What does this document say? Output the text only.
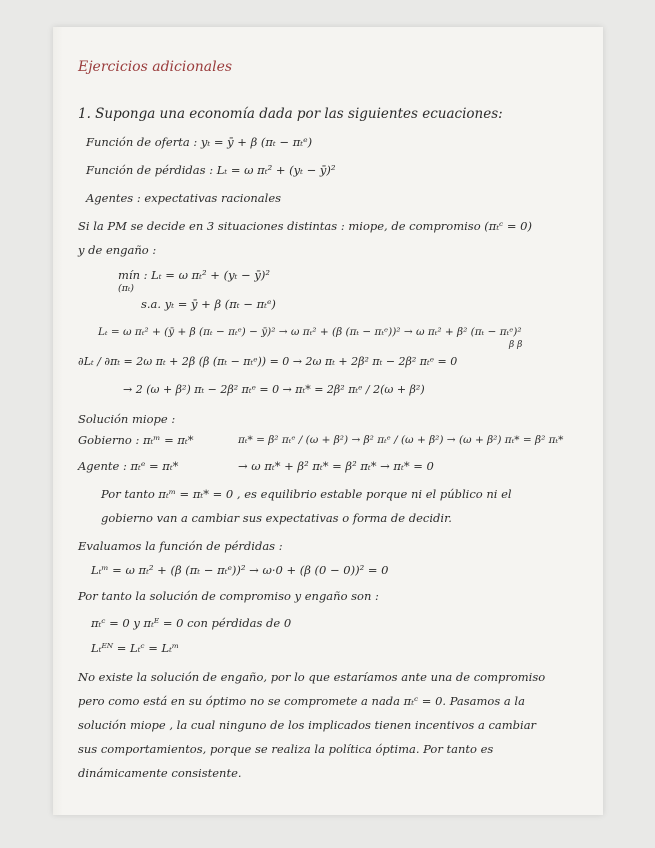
Ejercicios adicionales
1. Suponga una economía dada por las siguientes ecuaciones:
Función de oferta : yₜ = ȳ + β (πₜ − πₜᵉ)
Función de pérdidas : Lₜ = ω πₜ² + (yₜ − ȳ)²
Agentes : expectativas racionales
Si la PM se decide en 3 situaciones distintas : miope, de compromiso (πₜᶜ = 0)
y de engaño :
mín : Lₜ = ω πₜ² + (yₜ − ȳ)²
(πₜ)
s.a. yₜ = ȳ + β (πₜ − πₜᵉ)
Lₜ = ω πₜ² + (ȳ + β (πₜ − πₜᵉ) − ȳ)² → ω πₜ² + (β (πₜ − πₜᵉ))² → ω πₜ² + β² (πₜ − πₜᵉ)²
β β
∂Lₜ / ∂πₜ = 2ω πₜ + 2β (β (πₜ − πₜᵉ)) = 0 → 2ω πₜ + 2β² πₜ − 2β² πₜᵉ = 0
→ 2 (ω + β²) πₜ − 2β² πₜᵉ = 0 → πₜ* = 2β² πₜᵉ / 2(ω + β²)
Solución miope :
Gobierno : πₜᵐ = πₜ*	πₜ* = β² πₜᵉ / (ω + β²) → β² πₜᵉ / (ω + β²) → (ω + β²) πₜ* = β² πₜ*
Agente : πₜᵉ = πₜ*	→ ω πₜ* + β² πₜ* = β² πₜ* → πₜ* = 0
Por tanto πₜᵐ = πₜ* = 0 , es equilibrio estable porque ni el público ni el
gobierno van a cambiar sus expectativas o forma de decidir.
Evaluamos la función de pérdidas :
Lₜᵐ = ω πₜ² + (β (πₜ − πₜᵉ))² → ω·0 + (β (0 − 0))² = 0
Por tanto la solución de compromiso y engaño son :
πₜᶜ = 0 y πₜᴱ = 0 con pérdidas de 0
Lₜᴱᴺ = Lₜᶜ = Lₜᵐ
No existe la solución de engaño, por lo que estaríamos ante una de compromiso
pero como está en su óptimo no se compromete a nada πₜᶜ = 0. Pasamos a la
solución miope , la cual ninguno de los implicados tienen incentivos a cambiar
sus comportamientos, porque se realiza la política óptima. Por tanto es
dinámicamente consistente.
